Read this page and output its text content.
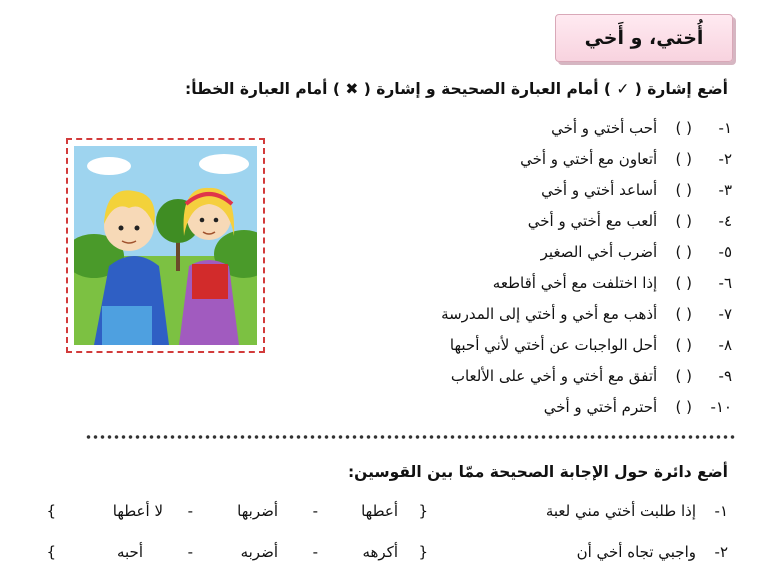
أُختي، و أَخي
أضع إشارة ( ✓ ) أمام العبارة الصحيحة و إشارة ( ✖ ) أمام العبارة الخطأ:
١-( ) أحب أختي و أخي
٢-( ) أتعاون مع أختي و أخي
٣-( ) أساعد أختي و أخي
٤-( ) ألعب مع أختي و أخي
٥-( ) أضرب أخي الصغير
٦-( ) إذا اختلفت مع أخي أقاطعه
٧-( ) أذهب مع أخي و أختي إلى المدرسة
٨-( ) أحل الواجبات عن أختي لأني أحبها
٩-( ) أتفق مع أختي و أخي على الألعاب
١٠-( ) أحترم أختي و أخي
أضع دائرة حول الإجابة الصحيحة ممّا بين القوسين:
١-
إذا طلبت أختي مني لعبة
{
أعطها
-
أضربها
-
لا أعطها
}
٢-
واجبي تجاه أخي أن
{
أكرهه
-
أضربه
-
أحبه
}
